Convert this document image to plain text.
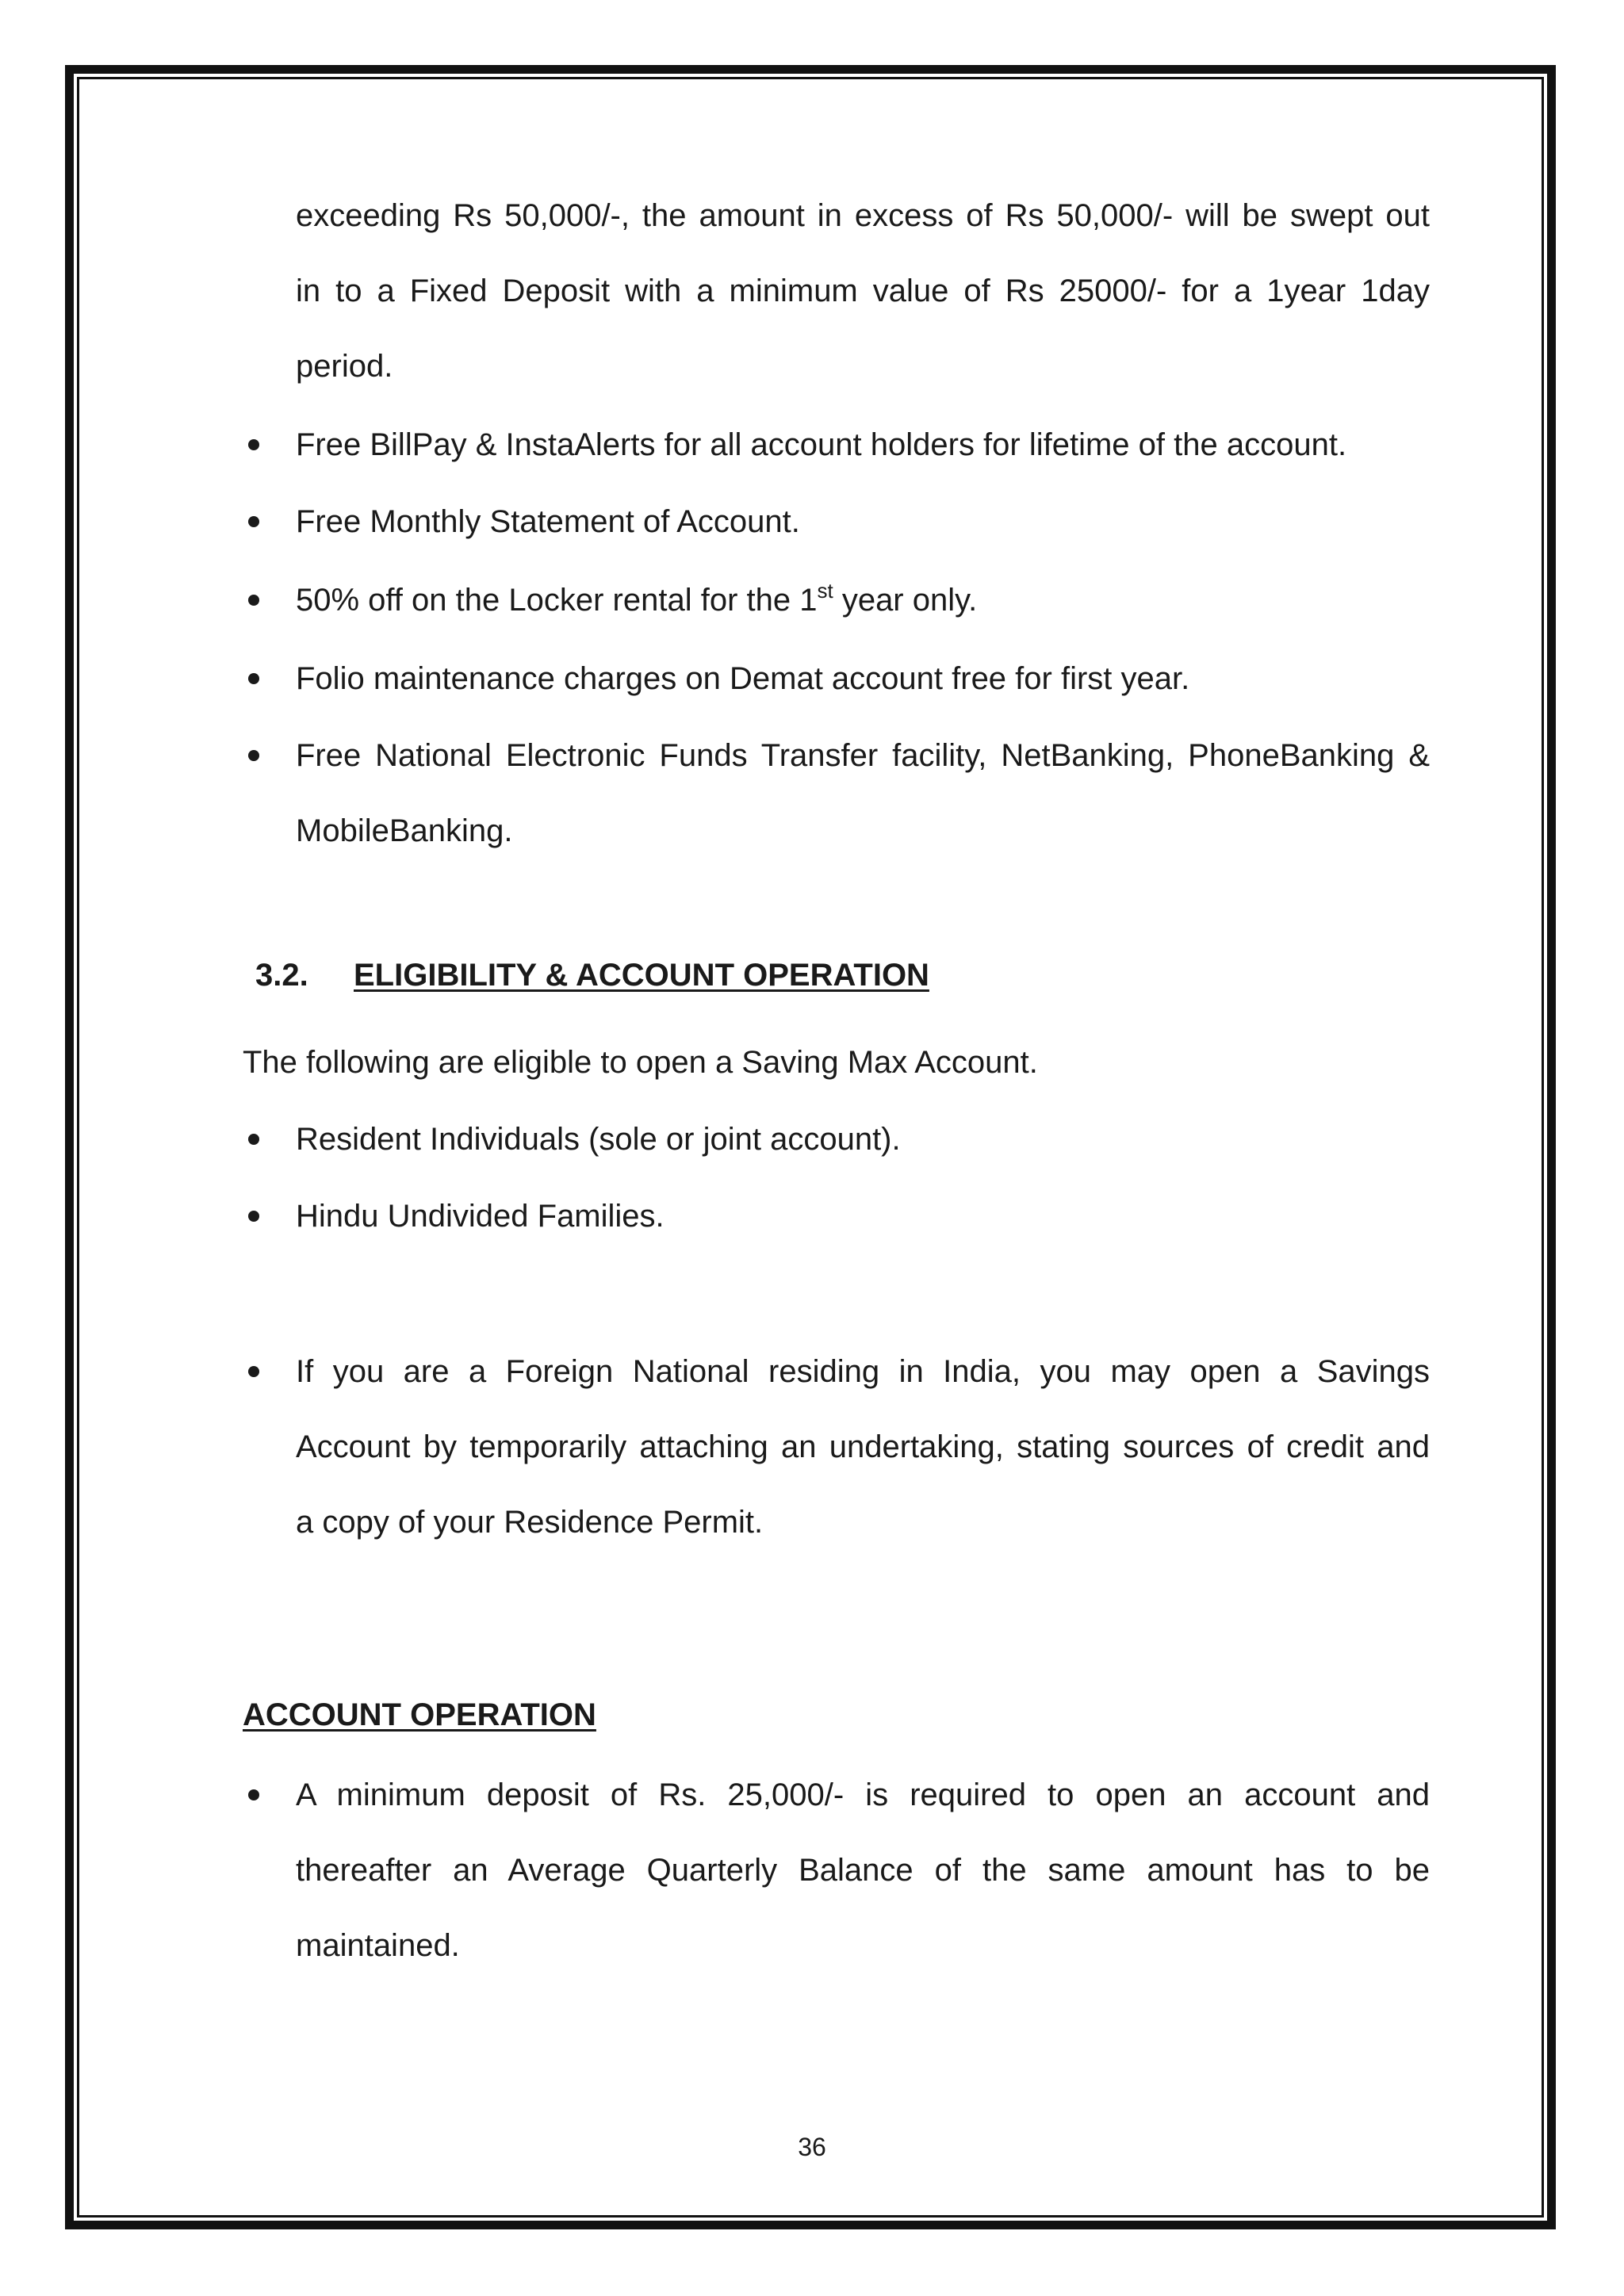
exceeding Rs 50,000/-, the amount in excess of Rs 50,000/- will be swept out
in to a Fixed Deposit with a minimum value of Rs 25000/- for a 1year 1day
period.
Free BillPay & InstaAlerts for all account holders for lifetime of the account.
Free Monthly Statement of Account.
50% off on the Locker rental for the 1st year only.
Folio maintenance charges on Demat account free for first year.
Free National Electronic Funds Transfer facility, NetBanking, PhoneBanking &
MobileBanking.
3.2. ELIGIBILITY & ACCOUNT OPERATION
The following are eligible to open a Saving Max Account.
Resident Individuals (sole or joint account).
Hindu Undivided Families.
If you are a Foreign National residing in India, you may open a Savings
Account by temporarily attaching an undertaking, stating sources of credit and
a copy of your Residence Permit.
ACCOUNT OPERATION
A minimum deposit of Rs. 25,000/- is required to open an account and
thereafter an Average Quarterly Balance of the same amount has to be
maintained.
36
